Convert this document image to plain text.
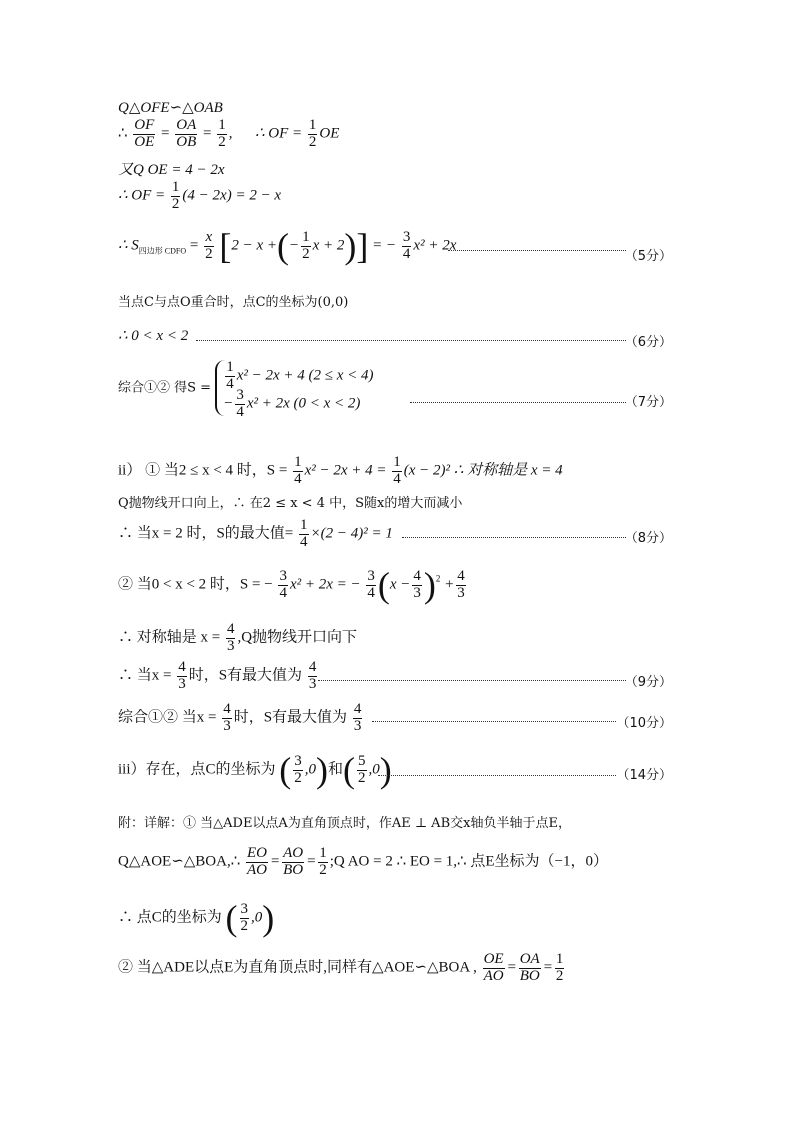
Q△OFE∽△OAB
∴ $\frac{OF}{OE} = \frac{OA}{OB} = \frac{1}{2}$ , ∴ OF = $\frac{1}{2}$ OE
又Q OE = 4 − 2x
∴ OF = $\frac{1}{2} (4 - 2x) = 2 - x$
∴ $S_{四边形 CDFO} = \frac{x}{2} [2 - x$ +(− $\frac{1}{2}$ x + 2)] = − $\frac{3}{4} x^2 + 2x$
（5分）
当点C与点O重合时，点C的坐标为(0,0)
∴ 0 < x < 2	（6分）
综合①② 得$S = \frac{1}{4} x^2 - 2x + 4$ (2 ≤ x < 4)
− $\frac{3}{4} x^2 + 2x$ (0 < x < 2)	（7分）
ii） ① 当2 ≤ x < 4 时，$S = \frac{1}{4} x^2 - 2x + 4 = \frac{1}{4} (x - 2)^2$ ∴ 对称轴是 x = 4
Q抛物线开口向上，∴ 在2 ≤ x < 4 中，S随x的增大而减小
∴ 当x = 2 时，S的最大值= $\frac{1}{4} \times(2 - 4)^2 = 1$	（8分）
② 当0 < x < 2 时，S = − $\frac{3}{4} x^2 + 2x$ = − $\frac{3}{4} (x - \frac{4}{3} )^2 + \frac{4}{3}$
∴ 对称轴是 $x = \frac{4}{3} ,Q$抛物线开口向下
∴ 当$x = \frac{4}{3}$ 时，S有最大值为 $\frac{4}{3}$	（9分）
综合①② 当$x = \frac{4}{3}$ 时，S有最大值为 $\frac{4}{3}$	（10分）
iii）存在，点C的坐标为 ( $\frac{3}{2} ,0$)和( $\frac{5}{2} ,0$)	（14分）
附：详解：① 当△ADE以点A为直角顶点时，作AE ⊥ AB交x轴负半轴于点E，
Q△AOE∽△BOA,∴ $\frac{EO}{AO} = \frac{AO}{BO} = \frac{1}{2}$ ;Q AO = 2 ∴ EO = 1,∴ 点E坐标为（−1，0）
∴ 点C的坐标为 ( $\frac{3}{2} ,0$)
② 当△ADE以点E为直角顶点时,同样有△AOE∽△BOA , $\frac{OE}{AO} = \frac{OA}{BO} = \frac{1}{2}$
